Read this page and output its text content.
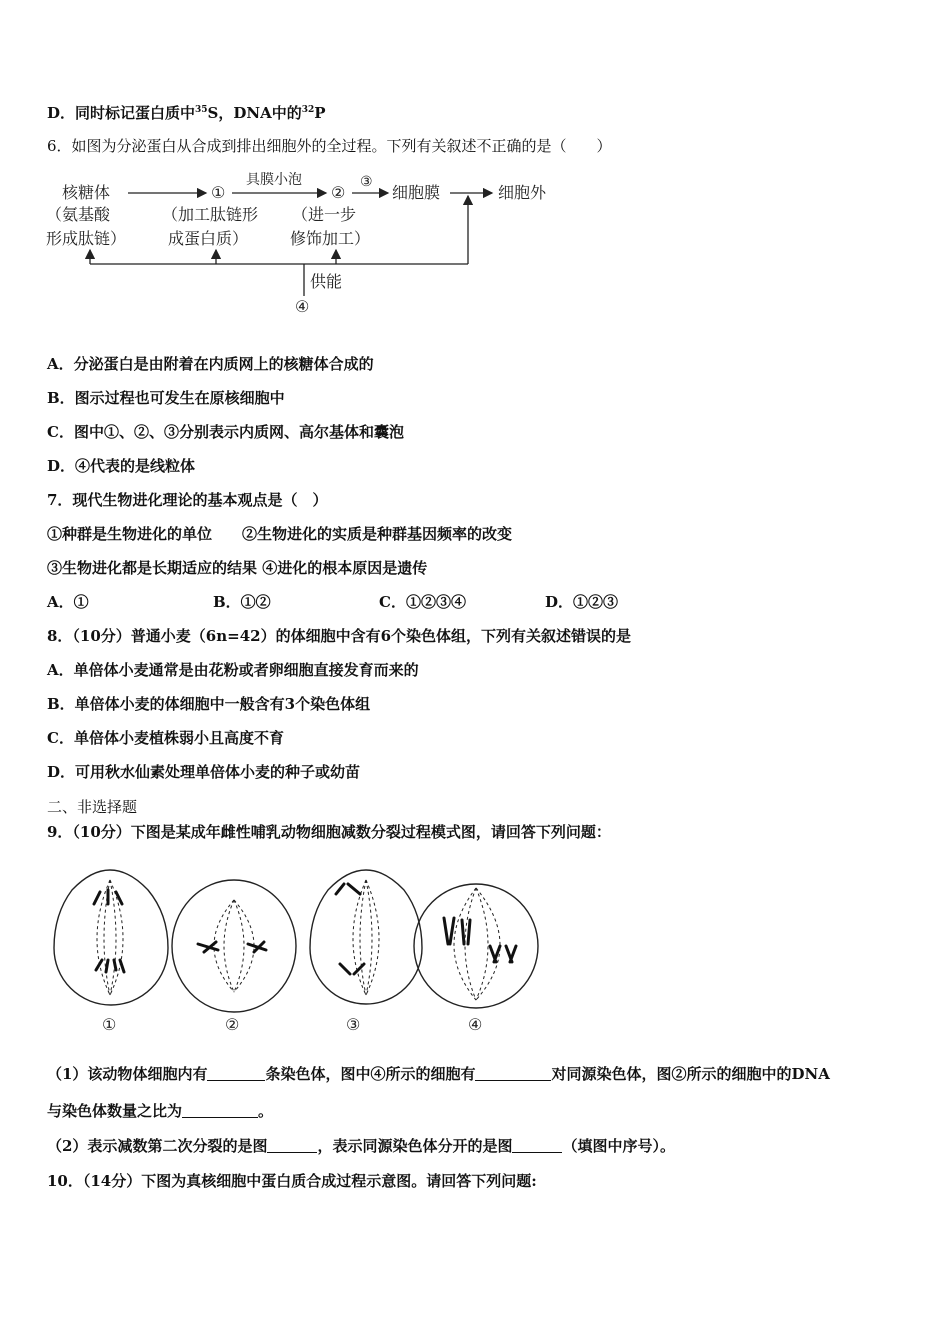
D．同时标记蛋白质中$^{35}$S，DNA中的$^{32}$P
6．如图为分泌蛋白从合成到排出细胞外的全过程。下列有关叙述不正确的是（　　）
核糖体
（氨基酸
形成肽链）
①
（加工肽链形
成蛋白质）
具膜小泡
②
（进一步
修饰加工）
③
细胞膜	细胞外
供能
④
A．分泌蛋白是由附着在内质网上的核糖体合成的
B．图示过程也可发生在原核细胞中
C．图中①、②、③分别表示内质网、高尔基体和囊泡
D．④代表的是线粒体
7．现代生物进化理论的基本观点是（　）
①种群是生物进化的单位　　②生物进化的实质是种群基因频率的改变
③生物进化都是长期适应的结果 ④进化的根本原因是遗传
A．①	B．①②	C．①②③④	D．①②③
8．（10分）普通小麦（6n=42）的体细胞中含有6个染色体组，下列有关叙述错误的是
A．单倍体小麦通常是由花粉或者卵细胞直接发育而来的
B．单倍体小麦的体细胞中一般含有3个染色体组
C．单倍体小麦植株弱小且高度不育
D．可用秋水仙素处理单倍体小麦的种子或幼苗
二、非选择题
9．（10分）下图是某成年雌性哺乳动物细胞减数分裂过程模式图，请回答下列问题：
①	②	③	④
（1）该动物体细胞内有	条染色体，图中④所示的细胞有	对同源染色体，图②所示的细胞中的DNA
与染色体数量之比为	。
（2）表示减数第二次分裂的是图	，表示同源染色体分开的是图	（填图中序号）。
10．（14分）下图为真核细胞中蛋白质合成过程示意图。请回答下列问题:
